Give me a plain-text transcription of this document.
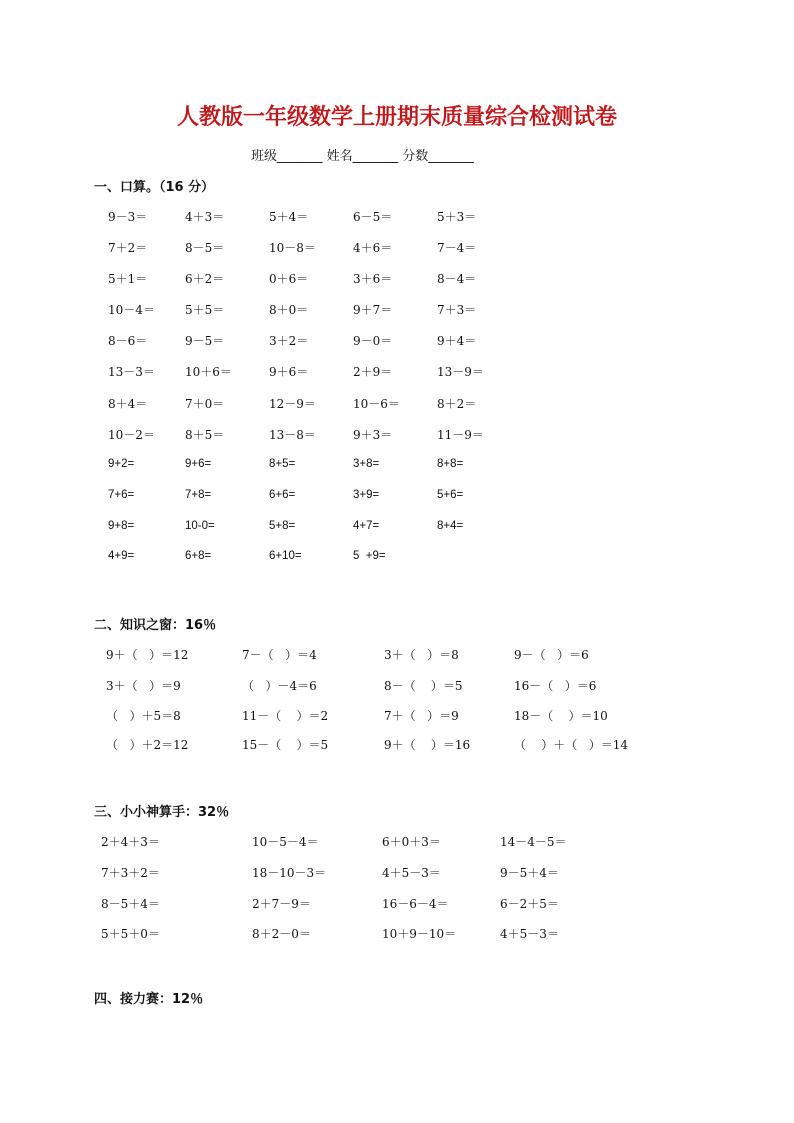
人教版一年级数学上册期末质量综合检测试卷
班级_______ 姓名_______ 分数_______
一、口算。（16 分）
9－3＝	4＋3＝	5＋4＝	6－5＝	5＋3＝
7＋2＝	8－5＝	10－8＝	4＋6＝	7－4＝
5＋1＝	6＋2＝	0＋6＝	3＋6＝	8－4＝
10－4＝	5＋5＝	8＋0＝	9＋7＝	7＋3＝
8－6＝	9－5＝	3＋2＝	9－0＝	9＋4＝
13－3＝	10＋6＝	9＋6＝	2＋9＝	13－9＝
8＋4＝	7＋0＝	12－9＝	10－6＝	8＋2＝
10－2＝	8＋5＝	13－8＝	9＋3＝	11－9＝
9+2=	9+6=	8+5=	3+8=	8+8=
7+6=	7+8=	6+6=	3+9=	5+6=
9+8=	10-0=	5+8=	4+7=	8+4=
4+9=	6+8=	6+10=	5  +9=
二、知识之窗：16％
9＋（   ）＝12	7－（   ）＝4	3＋（   ）＝8	9－（   ）＝6
3＋（   ）＝9	（   ）－4＝6	8－（    ）＝5	16－（   ）＝6
（   ）＋5＝8	11－（    ）＝2	7＋（   ）＝9	18－（    ）＝10
（   ）＋2＝12	15－（    ）＝5	9＋（    ）＝16	（    ）＋（   ）＝14
三、小小神算手：32％
2＋4＋3＝	10－5－4＝	6＋0＋3＝	14－4－5＝
7＋3＋2＝	18－10－3＝	4＋5－3＝	9－5＋4＝
8－5＋4＝	2＋7－9＝	16－6－4＝	6－2＋5＝
5＋5＋0＝	8＋2－0＝	10＋9－10＝	4＋5－3＝
四、接力赛：12％
